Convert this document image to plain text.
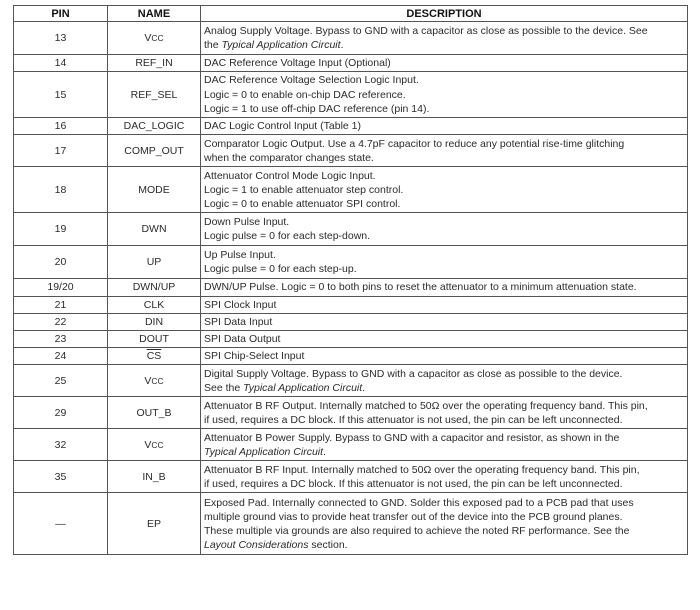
PIN	NAME	DESCRIPTION
13	VCC	Analog Supply Voltage. Bypass to GND with a capacitor as close as possible to the device. See
the Typical Application Circuit.

14	REF_IN	DAC Reference Voltage Input (Optional)

15	REF_SEL	DAC Reference Voltage Selection Logic Input.
Logic = 0 to enable on-chip DAC reference.
Logic = 1 to use off-chip DAC reference (pin 14).

16	DAC_LOGIC	DAC Logic Control Input (Table 1)

17	COMP_OUT	Comparator Logic Output. Use a 4.7pF capacitor to reduce any potential rise-time glitching
when the comparator changes state.

18	MODE	Attenuator Control Mode Logic Input.
Logic = 1 to enable attenuator step control.
Logic = 0 to enable attenuator SPI control.

19	DWN	Down Pulse Input.
Logic pulse = 0 for each step-down.

20	UP	Up Pulse Input.
Logic pulse = 0 for each step-up.

19/20	DWN/UP	DWN/UP Pulse. Logic = 0 to both pins to reset the attenuator to a minimum attenuation state.

21	CLK	SPI Clock Input

22	DIN	SPI Data Input

23	DOUT	SPI Data Output

24	$\overline{CS}$	SPI Chip-Select Input

25	VCC	Digital Supply Voltage. Bypass to GND with a capacitor as close as possible to the device.
See the Typical Application Circuit.

29	OUT_B	Attenuator B RF Output. Internally matched to 50Ω over the operating frequency band. This pin,
if used, requires a DC block. If this attenuator is not used, the pin can be left unconnected.

32	VCC	Attenuator B Power Supply. Bypass to GND with a capacitor and resistor, as shown in the
Typical Application Circuit.

35	IN_B	Attenuator B RF Input. Internally matched to 50Ω over the operating frequency band. This pin,
if used, requires a DC block. If this attenuator is not used, the pin can be left unconnected.

—	EP	Exposed Pad. Internally connected to GND. Solder this exposed pad to a PCB pad that uses
multiple ground vias to provide heat transfer out of the device into the PCB ground planes.
These multiple via grounds are also required to achieve the noted RF performance. See the
Layout Considerations section.
